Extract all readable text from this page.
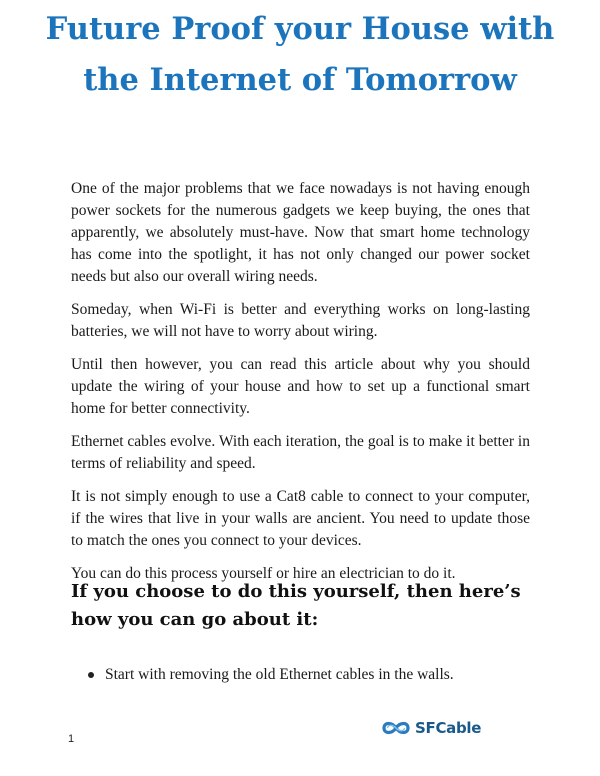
Future Proof your House with the Internet of Tomorrow

One of the major problems that we face nowadays is not having enough power sockets for the numerous gadgets we keep buying, the ones that apparently, we absolutely must-have. Now that smart home technology has come into the spotlight, it has not only changed our power socket needs but also our overall wiring needs.

Someday, when Wi-Fi is better and everything works on long-lasting batteries, we will not have to worry about wiring.

Until then however, you can read this article about why you should update the wiring of your house and how to set up a functional smart home for better connectivity.

Ethernet cables evolve. With each iteration, the goal is to make it better in terms of reliability and speed.

It is not simply enough to use a Cat8 cable to connect to your computer, if the wires that live in your walls are ancient. You need to update those to match the ones you connect to your devices.

You can do this process yourself or hire an electrician to do it.

If you choose to do this yourself, then here’s how you can go about it:
Start with removing the old Ethernet cables in the walls.
SFCable
1
